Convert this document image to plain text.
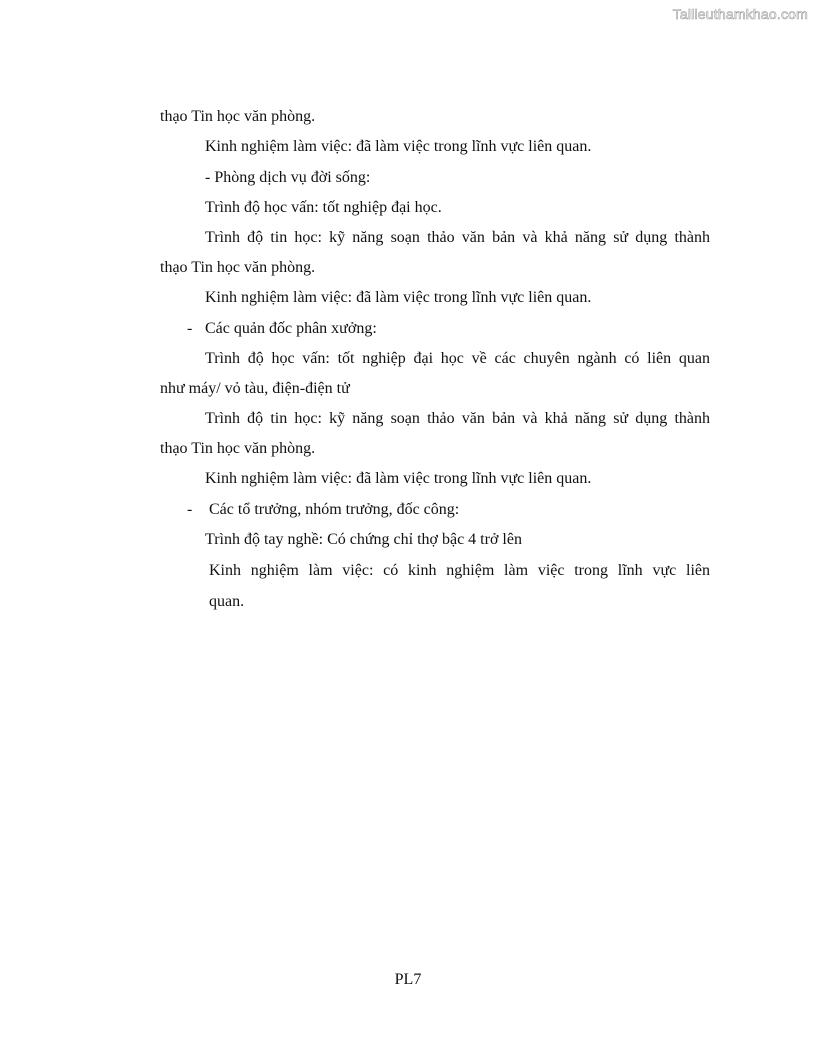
Tailieuthamkhao.com
thạo Tin học văn phòng.
Kinh nghiệm làm việc: đã làm việc trong lĩnh vực liên quan.
- Phòng dịch vụ đời sống:
Trình độ học vấn: tốt nghiệp đại học.
Trình độ tin học: kỹ năng soạn thảo văn bản và khả năng sử dụng thành
thạo Tin học văn phòng.
Kinh nghiệm làm việc: đã làm việc trong lĩnh vực liên quan.
- Các quản đốc phân xưởng:
Trình độ học vấn: tốt nghiệp đại học về các chuyên ngành có liên quan
như máy/ vỏ tàu, điện-điện tử
Trình độ tin học: kỹ năng soạn thảo văn bản và khả năng sử dụng thành
thạo Tin học văn phòng.
Kinh nghiệm làm việc: đã làm việc trong lĩnh vực liên quan.
- Các tổ trưởng, nhóm trưởng, đốc công:
Trình độ tay nghề: Có chứng chỉ thợ bậc 4 trở lên
Kinh nghiệm làm việc: có kinh nghiệm làm việc trong lĩnh vực liên
quan.
PL7
